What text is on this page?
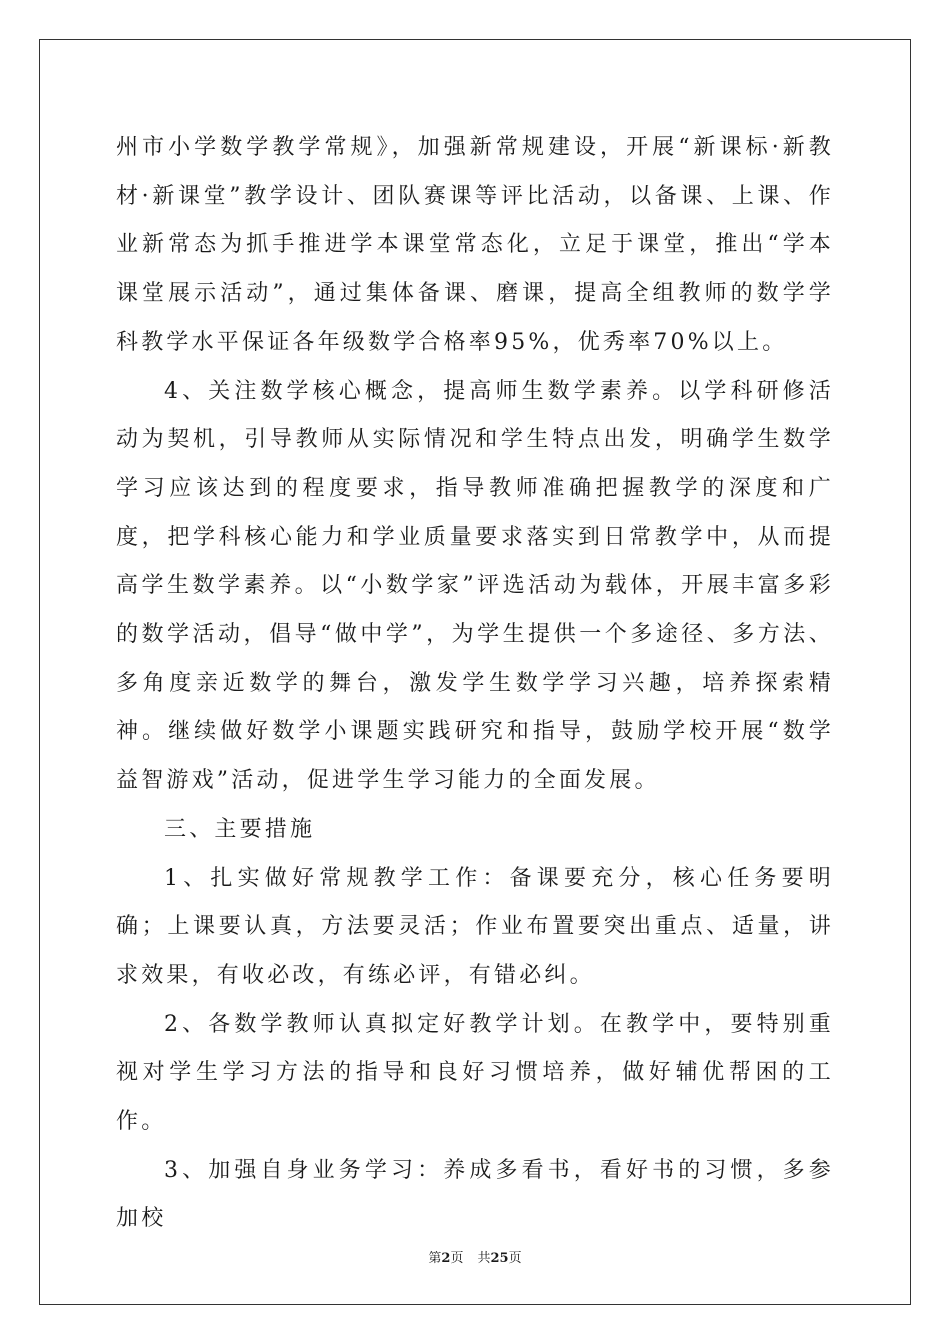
州市小学数学教学常规》，加强新常规建设，开展“新课标·新教材·新课堂”教学设计、团队赛课等评比活动，以备课、上课、作业新常态为抓手推进学本课堂常态化，立足于课堂，推出“学本课堂展示活动”，通过集体备课、磨课，提高全组教师的数学学科教学水平保证各年级数学合格率95%，优秀率70%以上。

4、关注数学核心概念，提高师生数学素养。以学科研修活动为契机，引导教师从实际情况和学生特点出发，明确学生数学学习应该达到的程度要求，指导教师准确把握教学的深度和广度，把学科核心能力和学业质量要求落实到日常教学中，从而提高学生数学素养。以“小数学家”评选活动为载体，开展丰富多彩的数学活动，倡导“做中学”，为学生提供一个多途径、多方法、多角度亲近数学的舞台，激发学生数学学习兴趣，培养探索精神。继续做好数学小课题实践研究和指导，鼓励学校开展“数学益智游戏”活动，促进学生学习能力的全面发展。

三、主要措施

1、扎实做好常规教学工作：备课要充分，核心任务要明确；上课要认真，方法要灵活；作业布置要突出重点、适量，讲求效果，有收必改，有练必评，有错必纠。

2、各数学教师认真拟定好教学计划。在教学中，要特别重视对学生学习方法的指导和良好习惯培养，做好辅优帮困的工作。

3、加强自身业务学习：养成多看书，看好书的习惯，多参加校

第2页 共25页
